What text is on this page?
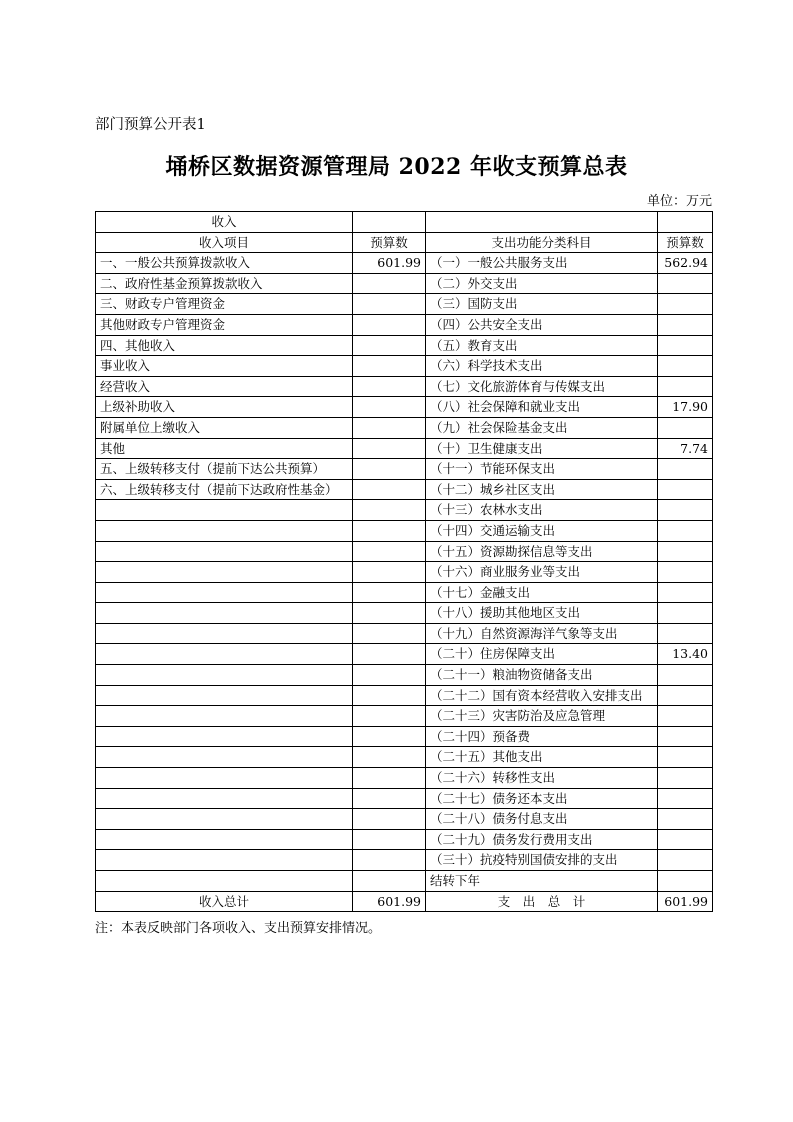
部门预算公开表1
埇桥区数据资源管理局 2022 年收支预算总表
单位：万元
收入			
收入项目	预算数	支出功能分类科目	预算数
一、一般公共预算拨款收入	601.99	（一）一般公共服务支出	562.94
二、政府性基金预算拨款收入		（二）外交支出	
三、财政专户管理资金		（三）国防支出	
其他财政专户管理资金		（四）公共安全支出	
四、其他收入		（五）教育支出	
事业收入		（六）科学技术支出	
经营收入		（七）文化旅游体育与传媒支出	
上级补助收入		（八）社会保障和就业支出	17.90
附属单位上缴收入		（九）社会保险基金支出	
其他		（十）卫生健康支出	7.74
五、上级转移支付（提前下达公共预算）		（十一）节能环保支出	
六、上级转移支付（提前下达政府性基金）		（十二）城乡社区支出	
		（十三）农林水支出	
		（十四）交通运输支出	
		（十五）资源勘探信息等支出	
		（十六）商业服务业等支出	
		（十七）金融支出	
		（十八）援助其他地区支出	
		（十九）自然资源海洋气象等支出	
		（二十）住房保障支出	13.40
		（二十一）粮油物资储备支出	
		（二十二）国有资本经营收入安排支出	
		（二十三）灾害防治及应急管理	
		（二十四）预备费	
		（二十五）其他支出	
		（二十六）转移性支出	
		（二十七）债务还本支出	
		（二十八）债务付息支出	
		（二十九）债务发行费用支出	
		（三十）抗疫特别国债安排的支出	
		结转下年	
收入总计	601.99	支　出　总　计	601.99
注：本表反映部门各项收入、支出预算安排情况。
